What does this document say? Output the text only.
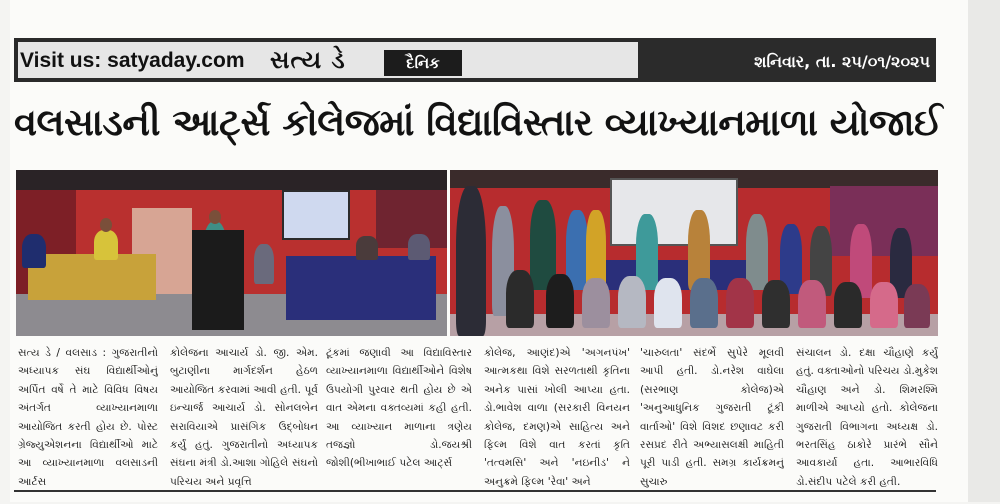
Visit us: satyaday.com સત્ય ડે	દૈનિક	શનિવાર, તા. ૨૫/૦૧/૨૦૨૫
વલસાડની આર્ટ્સ કોલેજમાં વિદ્યાવિસ્તાર વ્યાખ્યાનમાળા યોજાઈ

સત્ય ડે / વલસાડ : ગુજરાતીનો અધ્યાપક સંઘ વિદ્યાર્થીઓનું અર્પિત વર્ષે તે માટે વિવિધ વિષય અંતર્ગત વ્યાખ્યાનમાળા આયોજિત કરતી હોય છે. પોસ્ટ ગ્રેજ્યુએશનના વિદ્યાર્થીઓ માટે આ વ્યાખ્યાનમાળા વલસાડની આર્ટસ

કોલેજના આચાર્ય ડો. જી. એમ. બુટાણીના માર્ગદર્શન હેઠળ આયોજિત કરવામાં આવી હતી. પૂર્વ ઇન્ચાર્જ આચાર્ય ડો. સોનલબેન સરાવિયાએ પ્રાસંગિક ઉદ્બોધન કર્યું હતું. ગુજરાતીનો અધ્યાપક સંઘના મંત્રી ડો.આશા ગોહિલે સંઘનો પરિચય અને પ્રવૃત્તિ

ટૂંકમાં જણાવી આ વિદ્યાવિસ્તાર વ્યાખ્યાનમાળા વિદ્યાર્થીઓને વિશેષ ઉપયોગી પુરવાર થતી હોય છે એ વાત એમના વક્તવ્યમાં કહી હતી. આ વ્યાખ્યાન માળાના ત્રણેય તજજ્ઞો ડો.જયશ્રી જોશી(ભીખાભાઈ પટેલ આર્ટ્સ

કોલેજ, આણંદ)એ 'અગનપંખ' આત્મકથા વિશે સરળતાથી કૃતિના અનેક પાસાં ખોલી આપ્યા હતા. ડો.ભાવેશ વાળા (સરકારી વિનયન કોલેજ, દમણ)એ સાહિત્ય અને ફિલ્મ વિશે વાત કરતાં કૃતિ 'તત્વમસિ' અને 'નઇનીડ' ને અનુક્રમે ફિલ્મ 'રેવા' અને

'ચારુલતા' સંદર્ભે સુપેરે મૂલવી આપી હતી. ડો.નરેશ વાઘેલા (સરભાણ કોલેજ)એ 'અનુઆધુનિક ગુજરાતી ટૂંકી વાર્તાઓ' વિશે વિશદ છણાવટ કરી રસપ્રદ રીતે અભ્યાસલક્ષી માહિતી પૂરી પાડી હતી. સમગ્ર કાર્યક્રમનું સુચારુ

સંચાલન ડો. દક્ષા ચૌહાણે કર્યું હતું. વક્તાઓનો પરિચય ડો.મુકેશ ચૌહાણ અને ડો. શિમરશ્મિ માળીએ આપ્યો હતો. કોલેજના ગુજરાતી વિભાગના અધ્યક્ષ ડો. ભરતસિંહ ઠાકોરે પ્રારંભે સૌને આવકાર્યા હતા. આભારવિધિ ડો.સંદીપ પટેલે કરી હતી.
